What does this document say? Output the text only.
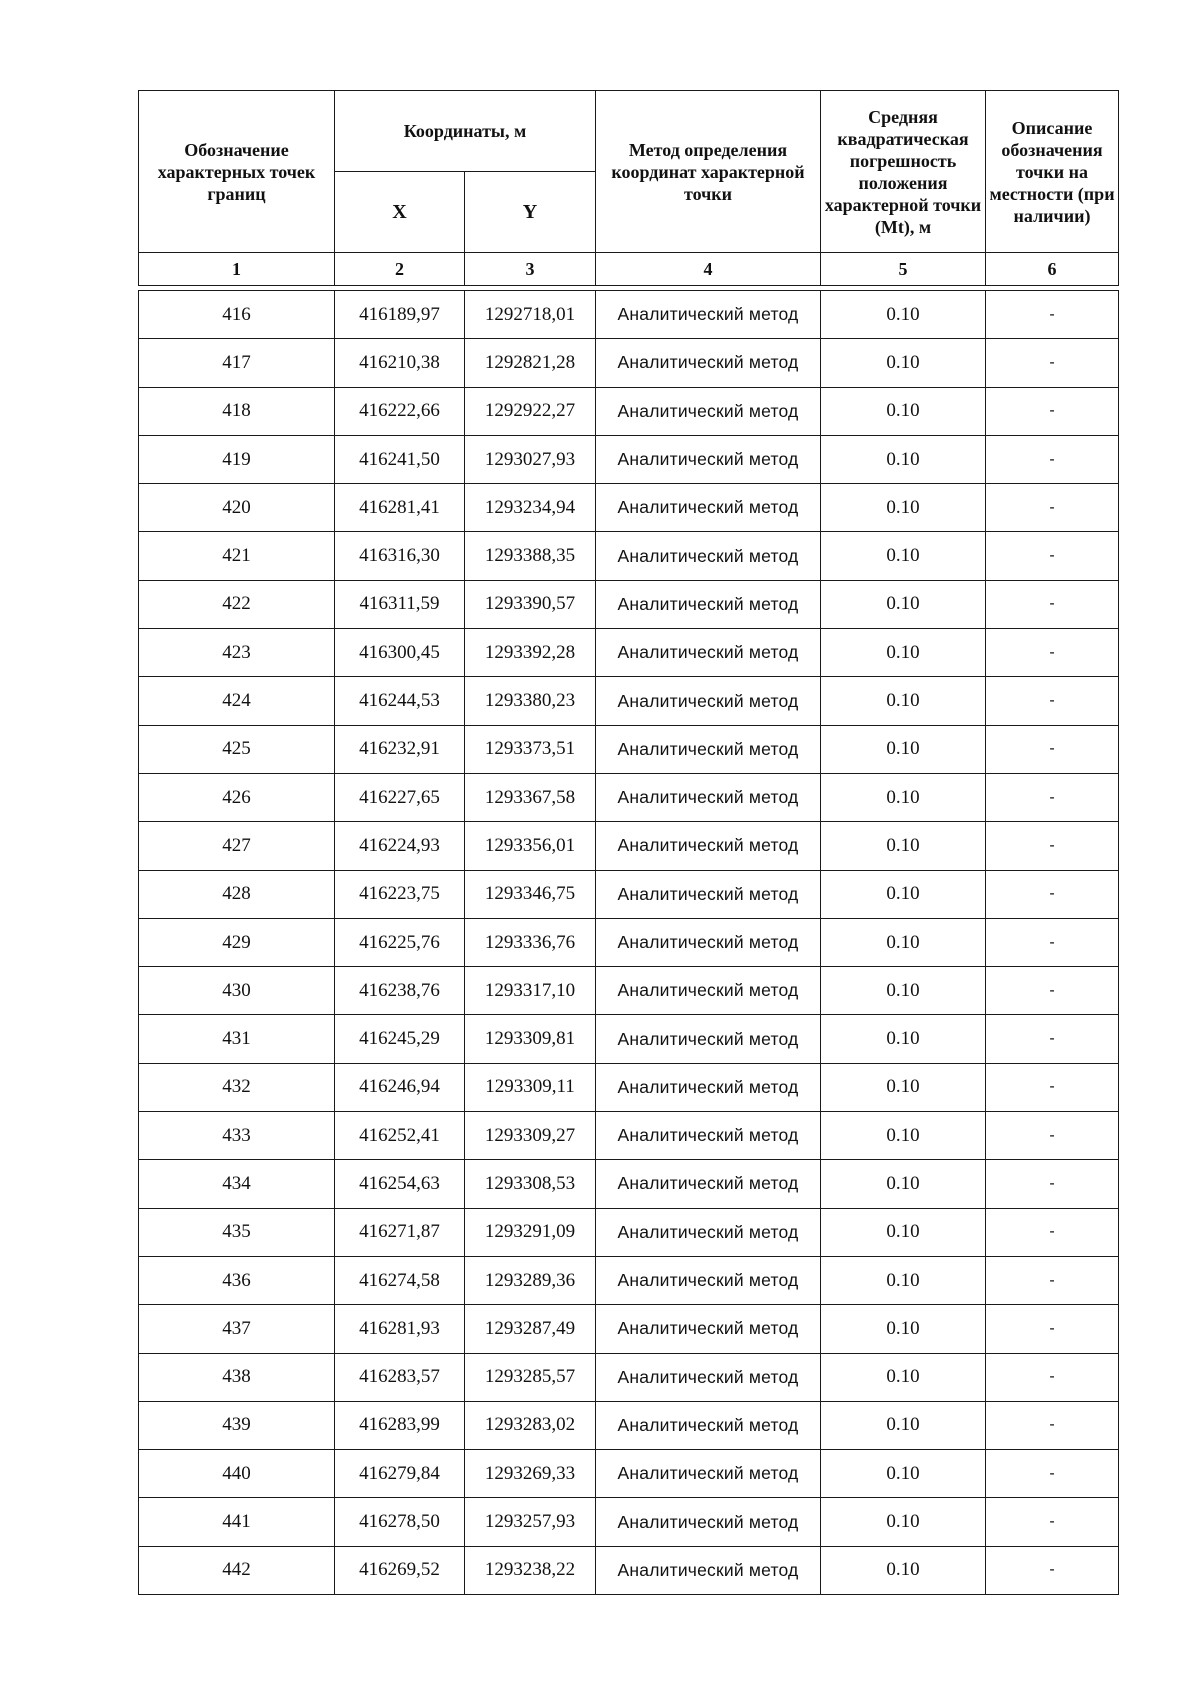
Обозначение характерных точек границ	Координаты, м		Метод определения координат характерной точки	Средняя квадратическая погрешность положения характерной точки (Mt), м	Описание обозначения точки на местности (при наличии)
	X	Y			
1	2	3	4	5	6
416	416189,97	1292718,01	Аналитический метод	0.10	-
417	416210,38	1292821,28	Аналитический метод	0.10	-
418	416222,66	1292922,27	Аналитический метод	0.10	-
419	416241,50	1293027,93	Аналитический метод	0.10	-
420	416281,41	1293234,94	Аналитический метод	0.10	-
421	416316,30	1293388,35	Аналитический метод	0.10	-
422	416311,59	1293390,57	Аналитический метод	0.10	-
423	416300,45	1293392,28	Аналитический метод	0.10	-
424	416244,53	1293380,23	Аналитический метод	0.10	-
425	416232,91	1293373,51	Аналитический метод	0.10	-
426	416227,65	1293367,58	Аналитический метод	0.10	-
427	416224,93	1293356,01	Аналитический метод	0.10	-
428	416223,75	1293346,75	Аналитический метод	0.10	-
429	416225,76	1293336,76	Аналитический метод	0.10	-
430	416238,76	1293317,10	Аналитический метод	0.10	-
431	416245,29	1293309,81	Аналитический метод	0.10	-
432	416246,94	1293309,11	Аналитический метод	0.10	-
433	416252,41	1293309,27	Аналитический метод	0.10	-
434	416254,63	1293308,53	Аналитический метод	0.10	-
435	416271,87	1293291,09	Аналитический метод	0.10	-
436	416274,58	1293289,36	Аналитический метод	0.10	-
437	416281,93	1293287,49	Аналитический метод	0.10	-
438	416283,57	1293285,57	Аналитический метод	0.10	-
439	416283,99	1293283,02	Аналитический метод	0.10	-
440	416279,84	1293269,33	Аналитический метод	0.10	-
441	416278,50	1293257,93	Аналитический метод	0.10	-
442	416269,52	1293238,22	Аналитический метод	0.10	-
